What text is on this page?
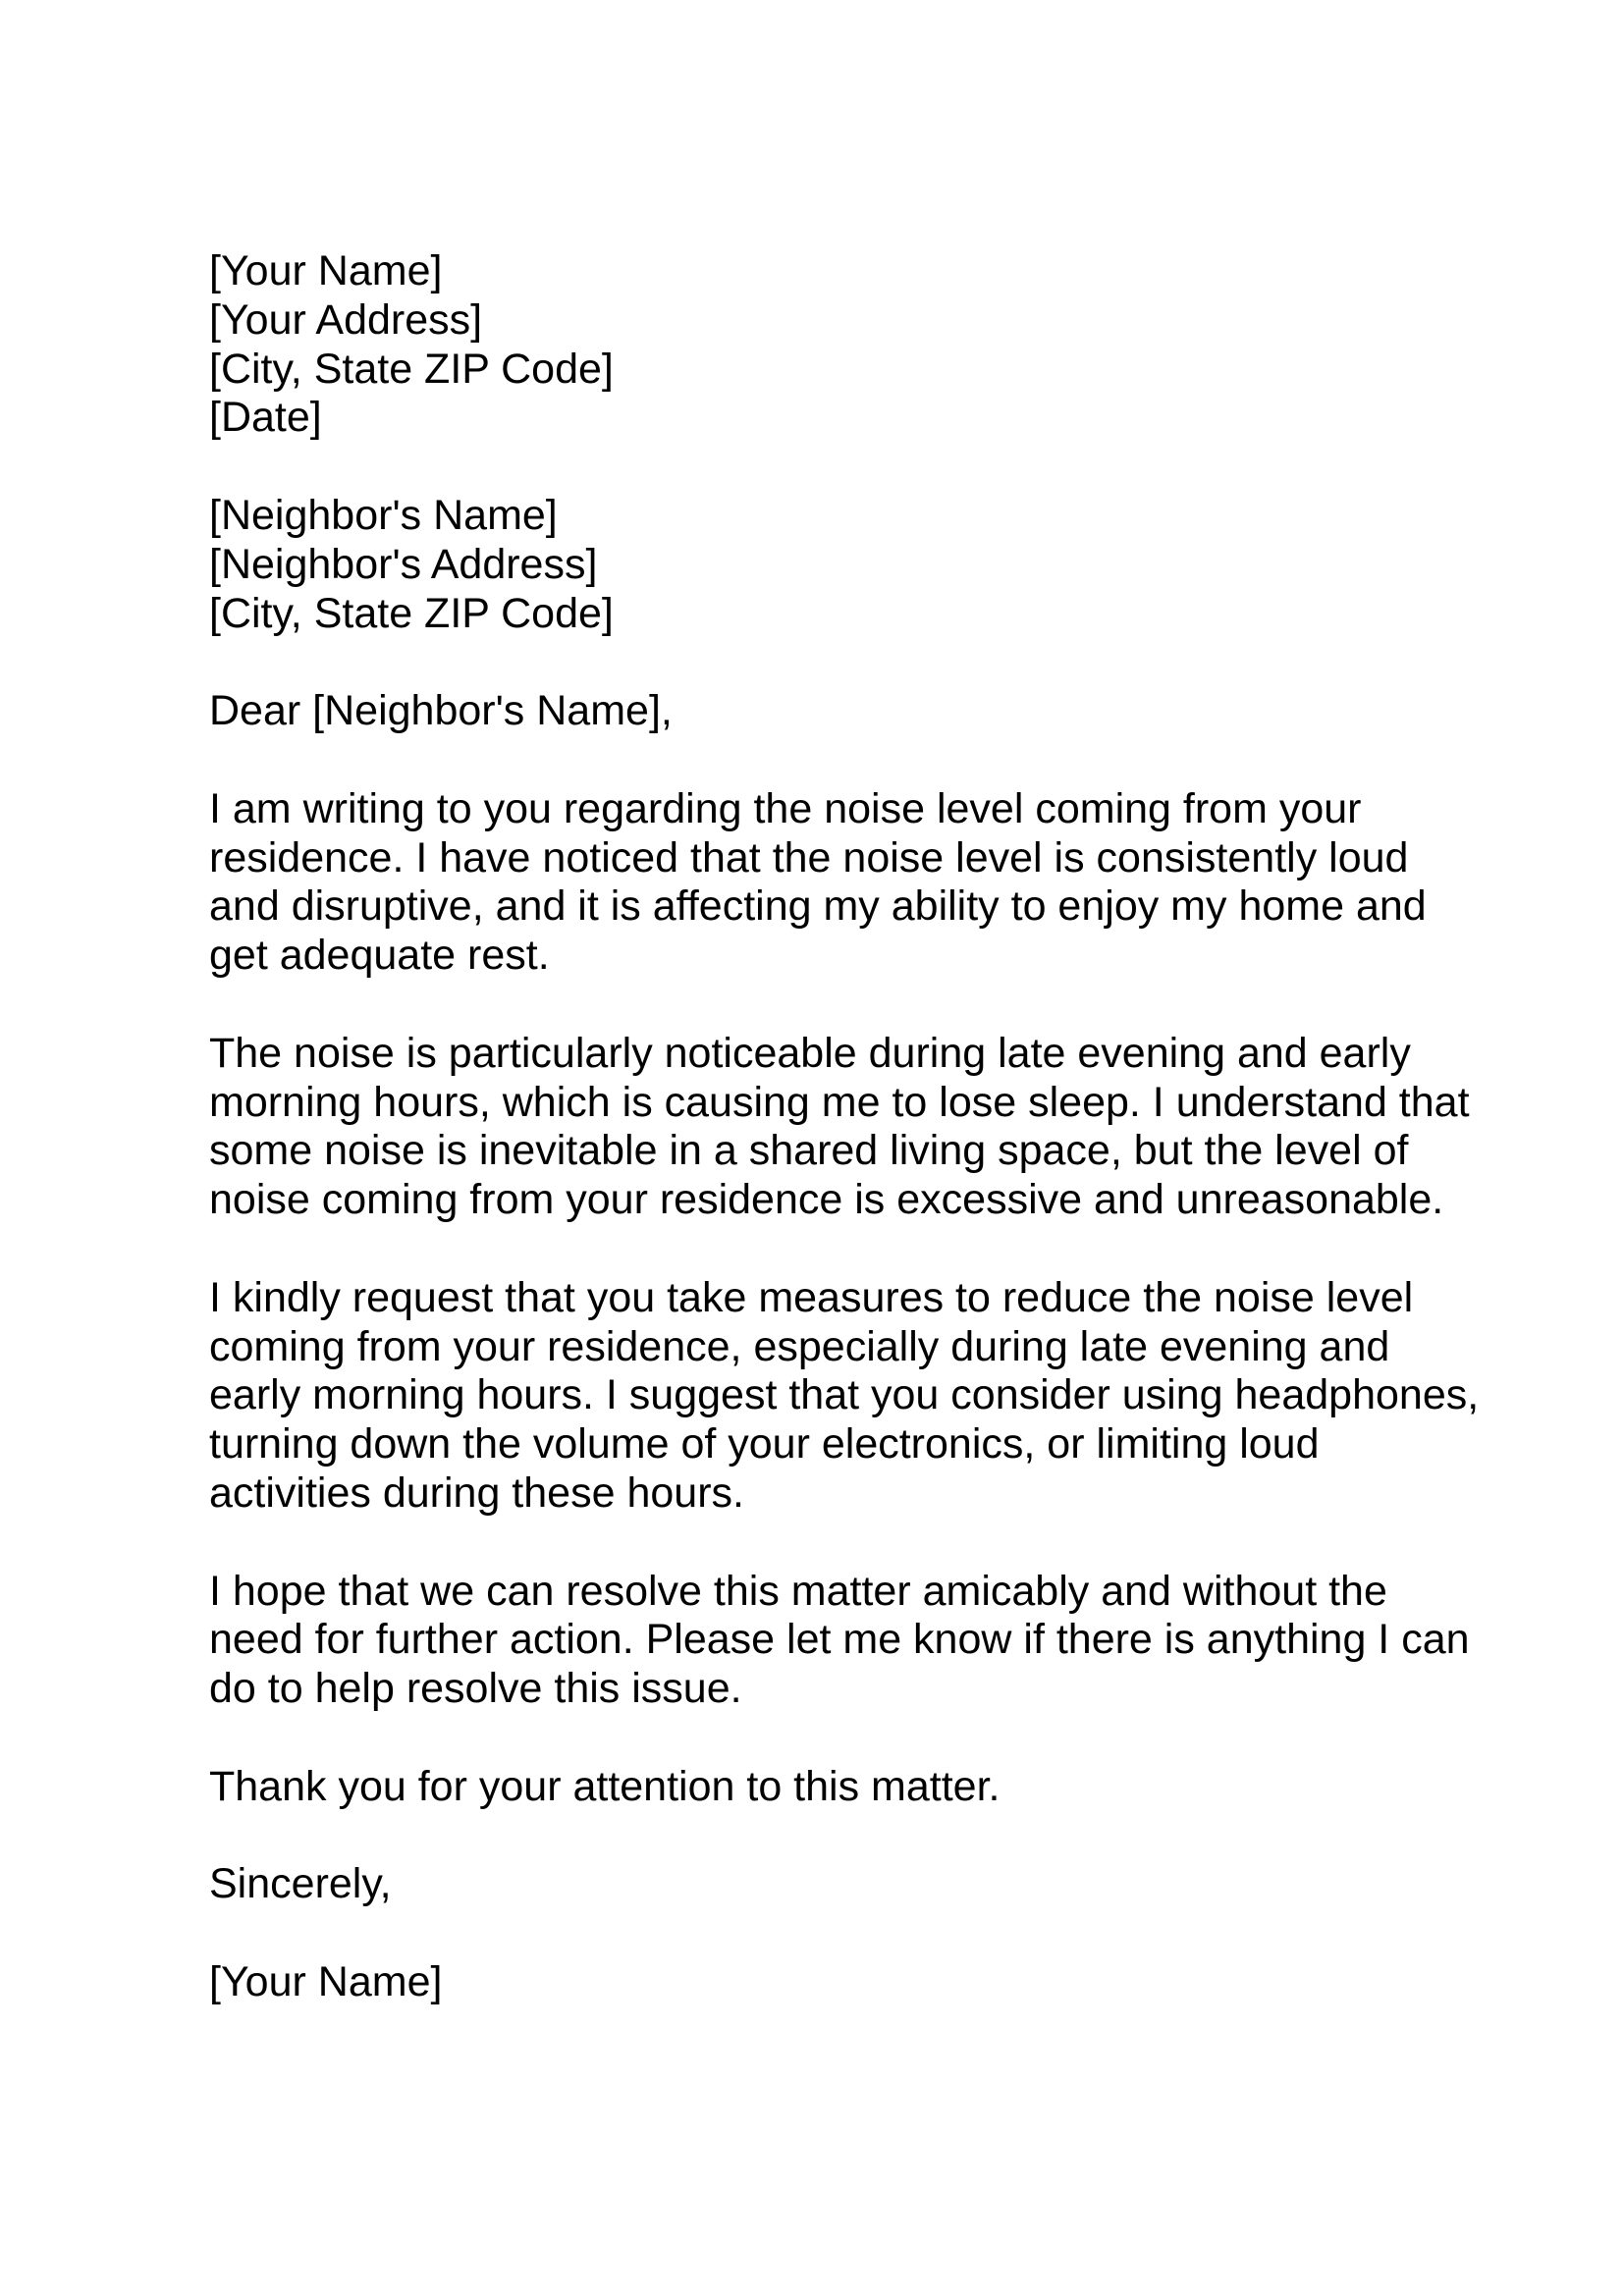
[Your Name]
[Your Address]
[City, State ZIP Code]
[Date]
[Neighbor's Name]
[Neighbor's Address]
[City, State ZIP Code]
Dear [Neighbor's Name],
I am writing to you regarding the noise level coming from your
residence. I have noticed that the noise level is consistently loud
and disruptive, and it is affecting my ability to enjoy my home and
get adequate rest.
The noise is particularly noticeable during late evening and early
morning hours, which is causing me to lose sleep. I understand that
some noise is inevitable in a shared living space, but the level of
noise coming from your residence is excessive and unreasonable.
I kindly request that you take measures to reduce the noise level
coming from your residence, especially during late evening and
early morning hours. I suggest that you consider using headphones,
turning down the volume of your electronics, or limiting loud
activities during these hours.
I hope that we can resolve this matter amicably and without the
need for further action. Please let me know if there is anything I can
do to help resolve this issue.
Thank you for your attention to this matter.
Sincerely,
[Your Name]
